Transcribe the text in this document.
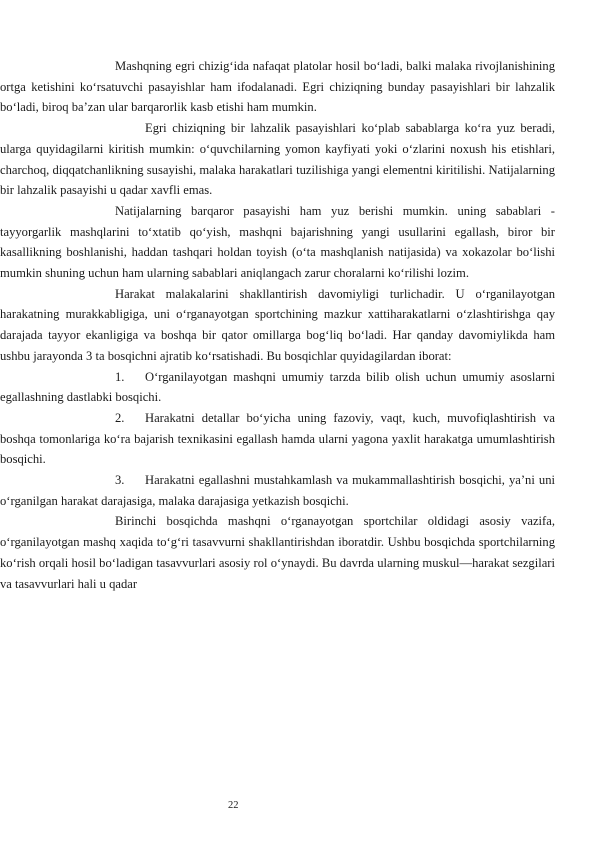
Mashqning egri chizig‘ida nafaqat platolar hosil bo‘ladi, balki malaka rivojlanishining ortga ketishini ko‘rsatuvchi pasayishlar ham ifodalanadi. Egri chiziqning bunday pasayishlari bir lahzalik bo‘ladi, biroq ba’zan ular barqarorlik kasb etishi ham mumkin.

Egri chiziqning bir lahzalik pasayishlari ko‘plab sabablarga ko‘ra yuz beradi, ularga quyidagilarni kiritish mumkin: o‘quvchilarning yomon kayfiyati yoki o‘zlarini noxush his etishlari, charchoq, diqqatchanlikning susayishi, malaka harakatlari tuzilishiga yangi elementni kiritilishi. Natijalarning bir lahzalik pasayishi u qadar xavfli emas.

Natijalarning barqaror pasayishi ham yuz berishi mumkin. uning sabablari - tayyorgarlik mashqlarini to‘xtatib qo‘yish, mashqni bajarishning yangi usullarini egallash, biror bir kasallikning boshlanishi, haddan tashqari holdan toyish (o‘ta mashqlanish natijasida) va xokazolar bo‘lishi mumkin shuning uchun ham ularning sabablari aniqlangach zarur choralarni ko‘rilishi lozim.

Harakat malakalarini shakllantirish davomiyligi turlichadir. U o‘rganilayotgan harakatning murakkabligiga, uni o‘rganayotgan sportchining mazkur xattiharakatlarni o‘zlashtirishga qay darajada tayyor ekanligiga va boshqa bir qator omillarga bog‘liq bo‘ladi. Har qanday davomiylikda ham ushbu jarayonda 3 ta bosqichni ajratib ko‘rsatishadi. Bu bosqichlar quyidagilardan iborat:

1. O‘rganilayotgan mashqni umumiy tarzda bilib olish uchun umumiy asoslarni egallashning dastlabki bosqichi.
2. Harakatni detallar bo‘yicha uning fazoviy, vaqt, kuch, muvofiqlashtirish va boshqa tomonlariga ko‘ra bajarish texnikasini egallash hamda ularni yagona yaxlit harakatga umumlashtirish bosqichi.
3. Harakatni egallashni mustahkamlash va mukammallashtirish bosqichi, ya’ni uni o‘rganilgan harakat darajasiga, malaka darajasiga yetkazish bosqichi.

Birinchi bosqichda mashqni o‘rganayotgan sportchilar oldidagi asosiy vazifa, o‘rganilayotgan mashq xaqida to‘g‘ri tasavvurni shakllantirishdan iboratdir. Ushbu bosqichda sportchilarning ko‘rish orqali hosil bo‘ladigan tasavvurlari asosiy rol o‘ynaydi. Bu davrda ularning muskul—harakat sezgilari va tasavvurlari hali u qadar

22
